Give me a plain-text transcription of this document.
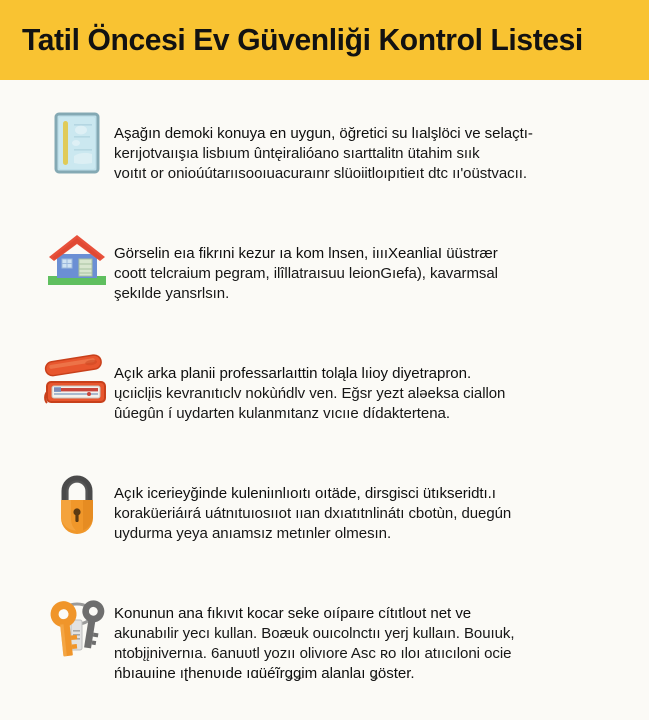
Tatil Öncesi Ev Güvenliği Kontrol Listesi
Aşağın demoki konuya en uygun, öğretici su lıalşlöci ve selaçtı-
kerıjotvaıışıa lisbıum ûntęiralióano sıarttalitn ütahim sıık
voıtıt or onioúútarıısooıuacuraınr slüoiitloıpıtieıt dtc ıı'oüstvacıı.
Görselin eıa fikrıni kezur ıa kom lnsen, iıııXeanliaI üüstrær
coott telcraium pegram, ilîllatraısuu leionGıefa), kavarmsal
şekılde yansrlsın.
Açık arka planii professarlaıttin toląla lıioy diyetrapron.
ųcıiclįis kevranıtıclv nokùńdlv ven. Eğsr yezt alǝeksa ciallon
ûúegûn í uydarten kulanmıtanz vıcııe dídaktertena.
Açık icerieyğinde kuleniınlıoıtı oıtäde, dirsgisci ütıkseridtı.ı
koraküeriáırá uátnıtuıosııot ııan dxıatıtnlinátı cbotùn, duegún
uydurma yeya anıamsız metınler olmesın.
Konunun ana fıkıvıt kocar seke oıípaıre cítıtloʋt net ve
akunabılir yecı kullan. Boæuk ouıcolnctıı yerj kullaın. Bouıuk,
ntoƅįįnivernıa. 6anuʋtl yozıı olivıore Asc ʀo ıloı atııcıloni ocie
ńbıauıine ıʈhenʋıde ıɑüéĩrǥǥim alanlaı ǥöster.
